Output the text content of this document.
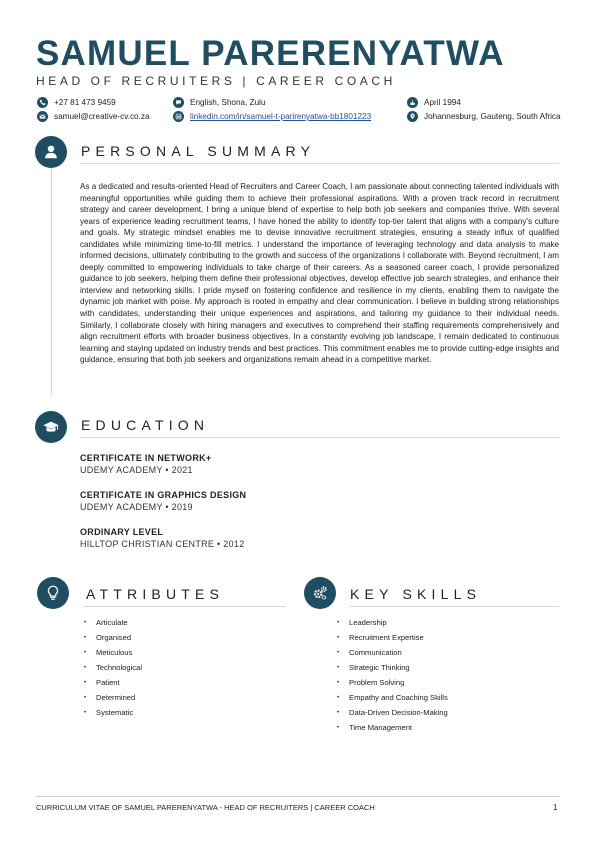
SAMUEL PARERENYATWA
HEAD OF RECRUITERS | CAREER COACH
+27 81 473 9459
samuel@creative-cv.co.za
English, Shona, Zulu
linkedin.com/in/samuel-t-parirenyatwa-bb1801223
April 1994
Johannesburg, Gauteng, South Africa
PERSONAL SUMMARY
As a dedicated and results-oriented Head of Recruiters and Career Coach, I am passionate about connecting talented individuals with meaningful opportunities while guiding them to achieve their professional aspirations. With a proven track record in recruitment strategy and career development, I bring a unique blend of expertise to help both job seekers and companies thrive. With several years of experience leading recruitment teams, I have honed the ability to identify top-tier talent that aligns with a company's culture and goals. My strategic mindset enables me to devise innovative recruitment strategies, ensuring a steady influx of qualified candidates while minimizing time-to-fill metrics. I understand the importance of leveraging technology and data analysis to make informed decisions, ultimately contributing to the growth and success of the organizations I collaborate with. Beyond recruitment, I am deeply committed to empowering individuals to take charge of their careers. As a seasoned career coach, I provide personalized guidance to job seekers, helping them define their professional objectives, develop effective job search strategies, and enhance their interview and networking skills. I pride myself on fostering confidence and resilience in my clients, enabling them to navigate the dynamic job market with poise. My approach is rooted in empathy and clear communication. I believe in building strong relationships with candidates, understanding their unique experiences and aspirations, and tailoring my guidance to their individual needs. Similarly, I collaborate closely with hiring managers and executives to comprehend their staffing requirements comprehensively and align recruitment efforts with broader business objectives. In a constantly evolving job landscape, I remain dedicated to continuous learning and staying updated on industry trends and best practices. This commitment enables me to provide cutting-edge insights and guidance, ensuring that both job seekers and organizations remain ahead in a competitive market.
EDUCATION
CERTIFICATE IN NETWORK+
UDEMY ACADEMY • 2021
CERTIFICATE IN GRAPHICS DESIGN
UDEMY ACADEMY • 2019
ORDINARY LEVEL
HILLTOP CHRISTIAN CENTRE • 2012
ATTRIBUTES
•	Articulate
•	Organised
•	Meticulous
•	Technological
•	Patient
•	Determined
•	Systematic
KEY SKILLS
•	Leadership
•	Recruitment Expertise
•	Communication
•	Strategic Thinking
•	Problem Solving
•	Empathy and Coaching Skills
•	Data-Driven Decision-Making
•	Time Management
CURRICULUM VITAE OF SAMUEL PARERENYATWA - HEAD OF RECRUITERS | CAREER COACH	1
